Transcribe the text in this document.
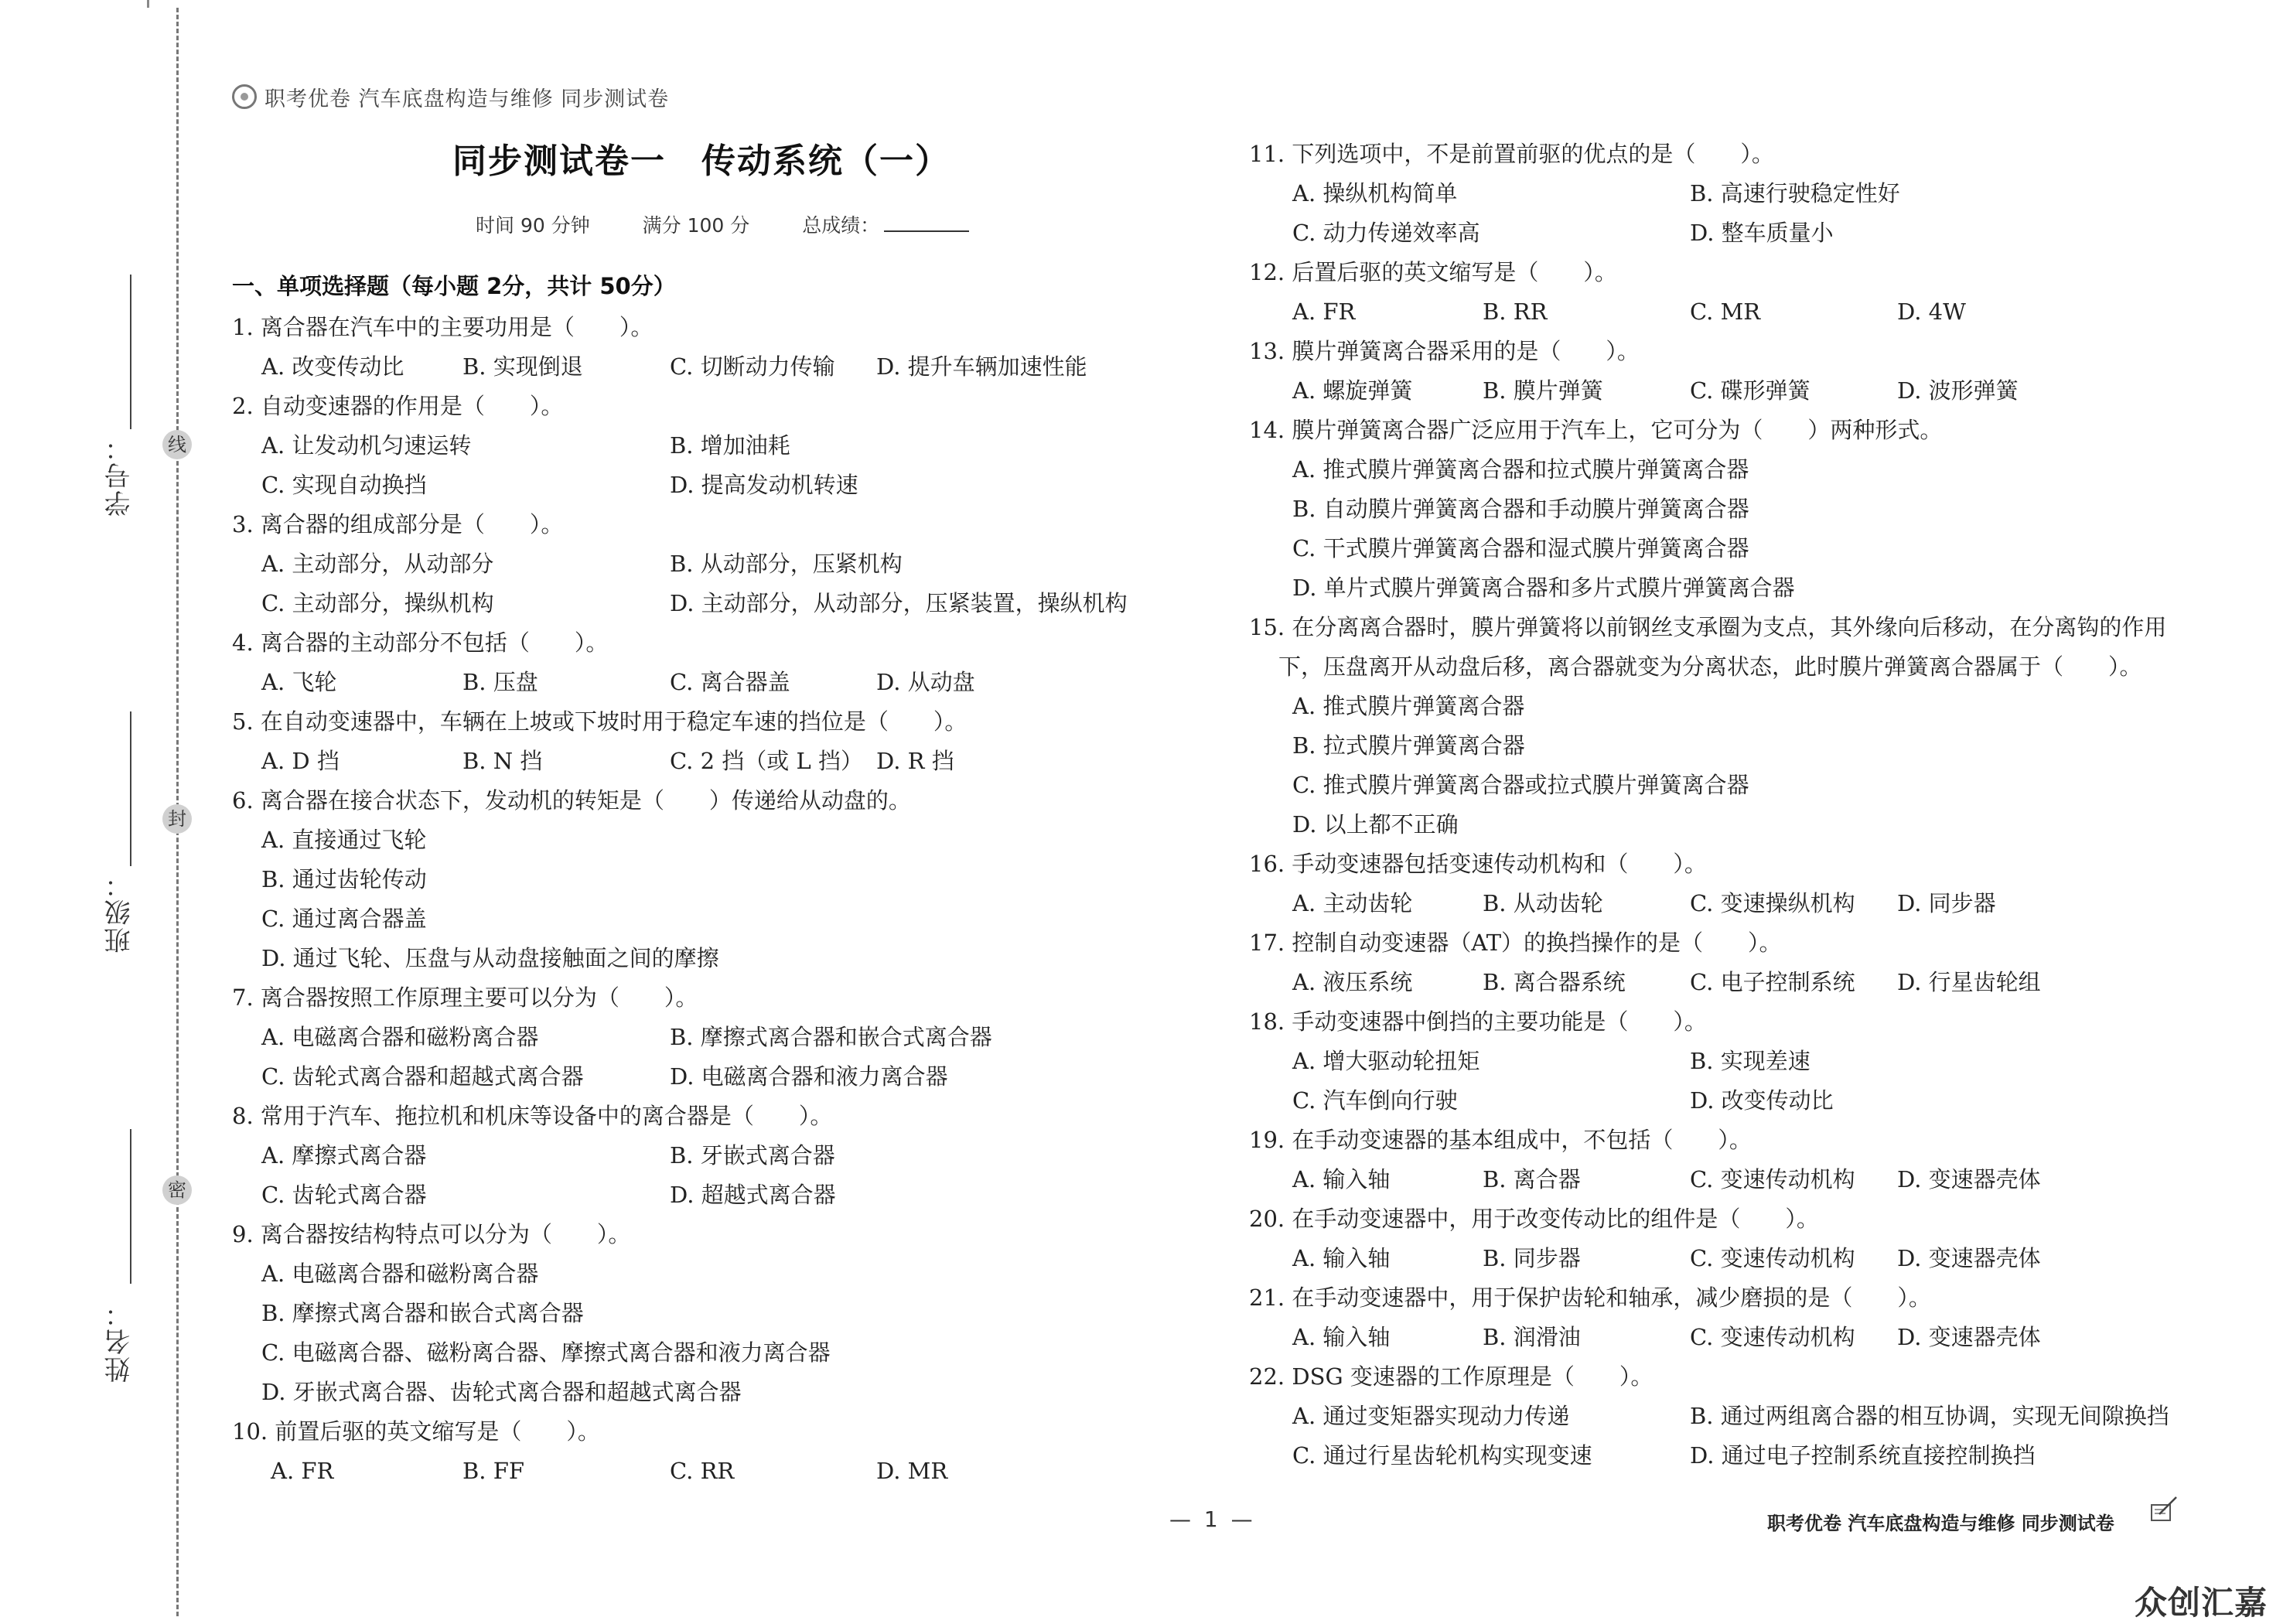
学号：
班级：
姓名：
线
封
密
职考优卷 汽车底盘构造与维修 同步测试卷
同步测试卷一　传动系统（一）
时间 90 分钟	满分 100 分	总成绩：
一、单项选择题（每小题 2分，共计 50分）
1. 离合器在汽车中的主要功用是（　　）。
A. 改变传动比	B. 实现倒退	C. 切断动力传输 D. 提升车辆加速性能
2. 自动变速器的作用是（　　）。
A. 让发动机匀速运转	B. 增加油耗
C. 实现自动换挡	D. 提高发动机转速
3. 离合器的组成部分是（　　）。
A. 主动部分，从动部分	B. 从动部分，压紧机构
C. 主动部分，操纵机构	D. 主动部分，从动部分，压紧装置，操纵机构
4. 离合器的主动部分不包括（　　）。
A. 飞轮	B. 压盘	C. 离合器盖	D. 从动盘
5. 在自动变速器中，车辆在上坡或下坡时用于稳定车速的挡位是（　　）。
A. D 挡	B. N 挡	C. 2 挡（或 L 挡） D. R 挡
6. 离合器在接合状态下，发动机的转矩是（　　）传递给从动盘的。
A. 直接通过飞轮
B. 通过齿轮传动
C. 通过离合器盖
D. 通过飞轮、压盘与从动盘接触面之间的摩擦
7. 离合器按照工作原理主要可以分为（　　）。
A. 电磁离合器和磁粉离合器	B. 摩擦式离合器和嵌合式离合器
C. 齿轮式离合器和超越式离合器	D. 电磁离合器和液力离合器
8. 常用于汽车、拖拉机和机床等设备中的离合器是（　　）。
A. 摩擦式离合器	B. 牙嵌式离合器
C. 齿轮式离合器	D. 超越式离合器
9. 离合器按结构特点可以分为（　　）。
A. 电磁离合器和磁粉离合器
B. 摩擦式离合器和嵌合式离合器
C. 电磁离合器、磁粉离合器、摩擦式离合器和液力离合器
D. 牙嵌式离合器、齿轮式离合器和超越式离合器
10. 前置后驱的英文缩写是（　　）。
A. FR	B. FF	C. RR	D. MR
11. 下列选项中，不是前置前驱的优点的是（　　）。
A. 操纵机构简单	B. 高速行驶稳定性好
C. 动力传递效率高	D. 整车质量小
12. 后置后驱的英文缩写是（　　）。
A. FR	B. RR	C. MR	D. 4W
13. 膜片弹簧离合器采用的是（　　）。
A. 螺旋弹簧	B. 膜片弹簧	C. 碟形弹簧	D. 波形弹簧
14. 膜片弹簧离合器广泛应用于汽车上，它可分为（　　）两种形式。
A. 推式膜片弹簧离合器和拉式膜片弹簧离合器
B. 自动膜片弹簧离合器和手动膜片弹簧离合器
C. 干式膜片弹簧离合器和湿式膜片弹簧离合器
D. 单片式膜片弹簧离合器和多片式膜片弹簧离合器
15. 在分离离合器时，膜片弹簧将以前钢丝支承圈为支点，其外缘向后移动，在分离钩的作用
下，压盘离开从动盘后移，离合器就变为分离状态，此时膜片弹簧离合器属于（　　）。
A. 推式膜片弹簧离合器
B. 拉式膜片弹簧离合器
C. 推式膜片弹簧离合器或拉式膜片弹簧离合器
D. 以上都不正确
16. 手动变速器包括变速传动机构和（　　）。
A. 主动齿轮	B. 从动齿轮	C. 变速操纵机构 D. 同步器
17. 控制自动变速器（AT）的换挡操作的是（　　）。
A. 液压系统	B. 离合器系统	C. 电子控制系统 D. 行星齿轮组
18. 手动变速器中倒挡的主要功能是（　　）。
A. 增大驱动轮扭矩	B. 实现差速
C. 汽车倒向行驶	D. 改变传动比
19. 在手动变速器的基本组成中，不包括（　　）。
A. 输入轴	B. 离合器	C. 变速传动机构 D. 变速器壳体
20. 在手动变速器中，用于改变传动比的组件是（　　）。
A. 输入轴	B. 同步器	C. 变速传动机构 D. 变速器壳体
21. 在手动变速器中，用于保护齿轮和轴承，减少磨损的是（　　）。
A. 输入轴	B. 润滑油	C. 变速传动机构 D. 变速器壳体
22. DSG 变速器的工作原理是（　　）。
A. 通过变矩器实现动力传递	B. 通过两组离合器的相互协调，实现无间隙换挡
C. 通过行星齿轮机构实现变速	D. 通过电子控制系统直接控制换挡
— 1 —	职考优卷 汽车底盘构造与维修 同步测试卷
众创汇嘉
